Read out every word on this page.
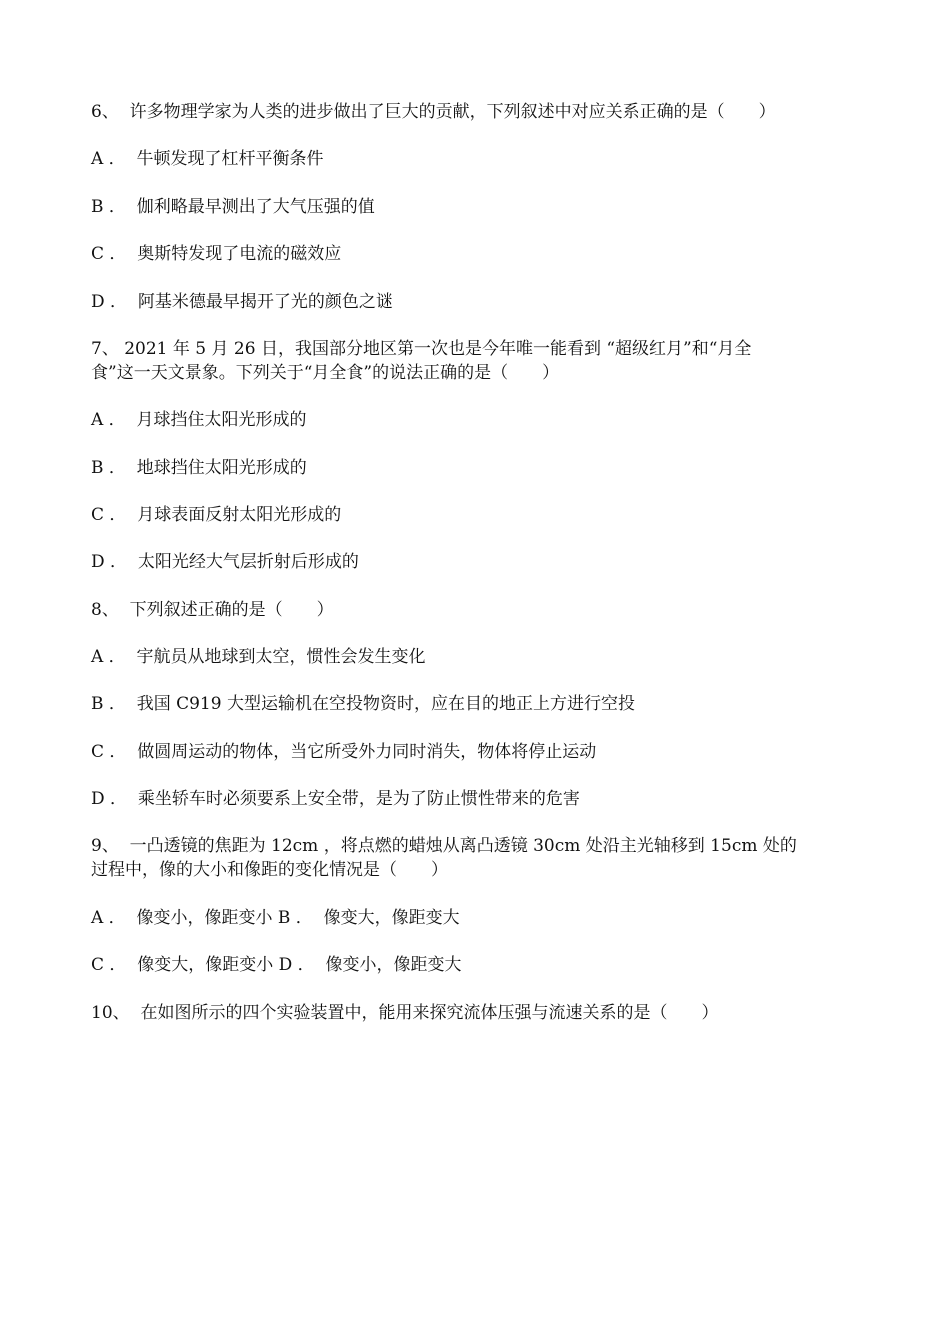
6、  许多物理学家为人类的进步做出了巨大的贡献，下列叙述中对应关系正确的是（　　）
A ．  牛顿发现了杠杆平衡条件
B ．  伽利略最早测出了大气压强的值
C ．  奥斯特发现了电流的磁效应
D ．  阿基米德最早揭开了光的颜色之谜
7、 2021 年 5 月 26 日，我国部分地区第一次也是今年唯一能看到 “超级红月”和“月全
食”这一天文景象。下列关于“月全食”的说法正确的是（　　）
A ．  月球挡住太阳光形成的
B ．  地球挡住太阳光形成的
C ．  月球表面反射太阳光形成的
D ．  太阳光经大气层折射后形成的
8、  下列叙述正确的是（　　）
A ．  宇航员从地球到太空，惯性会发生变化
B ．  我国 C919 大型运输机在空投物资时，应在目的地正上方进行空投
C ．  做圆周运动的物体，当它所受外力同时消失，物体将停止运动
D ．  乘坐轿车时必须要系上安全带，是为了防止惯性带来的危害
9、  一凸透镜的焦距为 12cm ，将点燃的蜡烛从离凸透镜 30cm 处沿主光轴移到 15cm 处的
过程中，像的大小和像距的变化情况是（　　）
A ．  像变小，像距变小 B ．  像变大，像距变大
C ．  像变大，像距变小 D ．  像变小，像距变大
10、  在如图所示的四个实验装置中，能用来探究流体压强与流速关系的是（　　）
